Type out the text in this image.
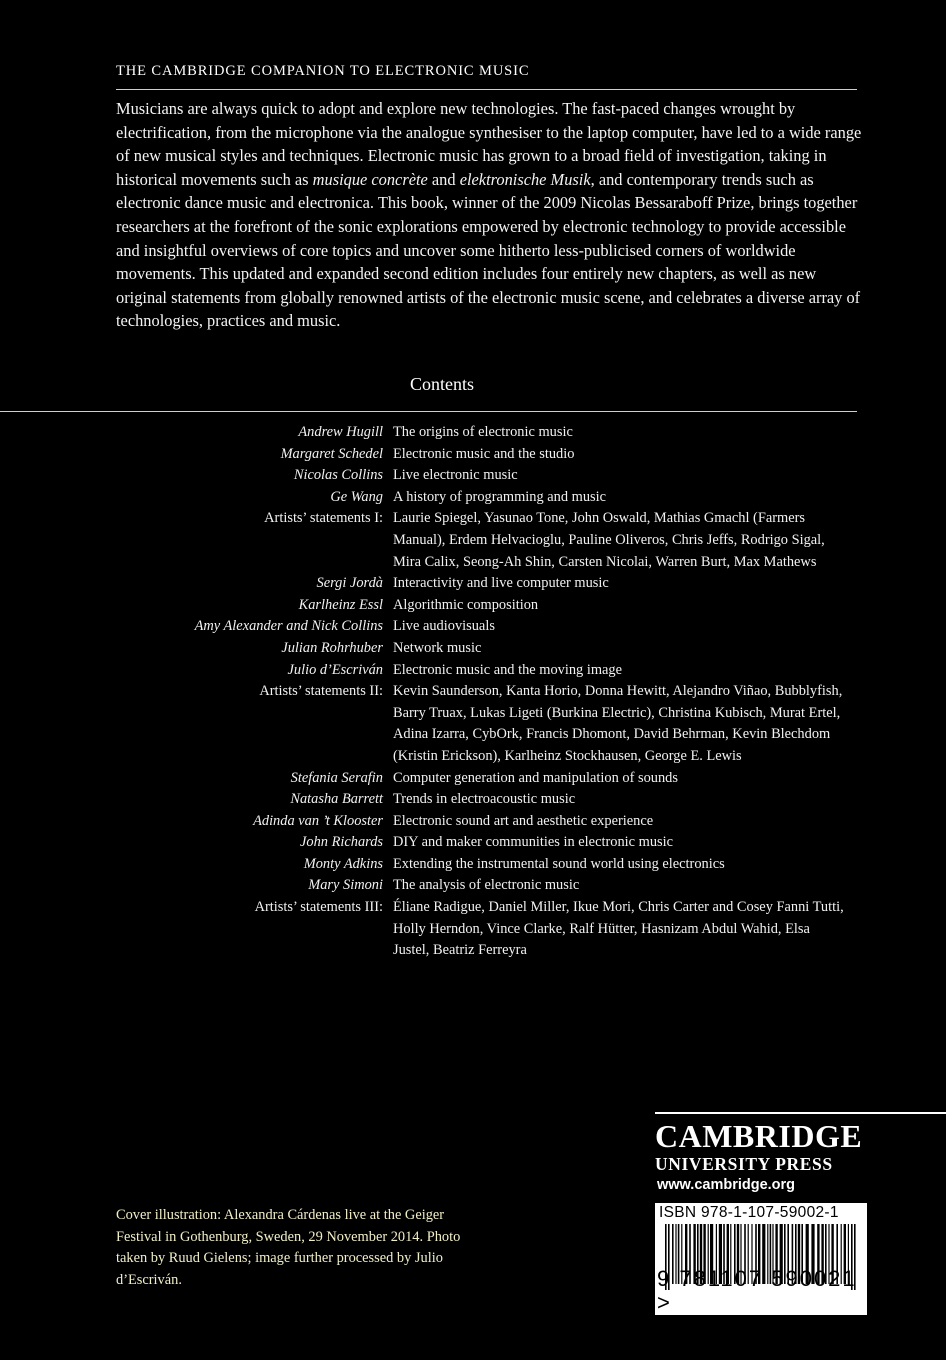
THE CAMBRIDGE COMPANION TO ELECTRONIC MUSIC

Musicians are always quick to adopt and explore new technologies. The fast-paced changes wrought by electrification, from the microphone via the analogue synthesiser to the laptop computer, have led to a wide range of new musical styles and techniques. Electronic music has grown to a broad field of investigation, taking in historical movements such as musique concrète and elektronische Musik, and contemporary trends such as electronic dance music and electronica. This book, winner of the 2009 Nicolas Bessaraboff Prize, brings together researchers at the forefront of the sonic explorations empowered by electronic technology to provide accessible and insightful overviews of core topics and uncover some hitherto less-publicised corners of worldwide movements. This updated and expanded second edition includes four entirely new chapters, as well as new original statements from globally renowned artists of the electronic music scene, and celebrates a diverse array of technologies, practices and music.

Contents
Andrew Hugill The origins of electronic music
Margaret Schedel Electronic music and the studio
Nicolas Collins Live electronic music
Ge Wang A history of programming and music
Artists’ statements I: Laurie Spiegel, Yasunao Tone, John Oswald, Mathias Gmachl (Farmers Manual), Erdem Helvacioglu, Pauline Oliveros, Chris Jeffs, Rodrigo Sigal, Mira Calix, Seong-Ah Shin, Carsten Nicolai, Warren Burt, Max Mathews
Sergi Jordà Interactivity and live computer music
Karlheinz Essl Algorithmic composition
Amy Alexander and Nick Collins Live audiovisuals
Julian Rohrhuber Network music
Julio d’Escriván Electronic music and the moving image
Artists’ statements II: Kevin Saunderson, Kanta Horio, Donna Hewitt, Alejandro Viñao, Bubblyfish, Barry Truax, Lukas Ligeti (Burkina Electric), Christina Kubisch, Murat Ertel, Adina Izarra, CybOrk, Francis Dhomont, David Behrman, Kevin Blechdom (Kristin Erickson), Karlheinz Stockhausen, George E. Lewis
Stefania Serafin Computer generation and manipulation of sounds
Natasha Barrett Trends in electroacoustic music
Adinda van ’t Klooster Electronic sound art and aesthetic experience
John Richards DIY and maker communities in electronic music
Monty Adkins Extending the instrumental sound world using electronics
Mary Simoni The analysis of electronic music
Artists’ statements III: Éliane Radigue, Daniel Miller, Ikue Mori, Chris Carter and Cosey Fanni Tutti, Holly Herndon, Vince Clarke, Ralf Hütter, Hasnizam Abdul Wahid, Elsa Justel, Beatriz Ferreyra

Cover illustration: Alexandra Cárdenas live at the Geiger Festival in Gothenburg, Sweden, 29 November 2014. Photo taken by Ruud Gielens; image further processed by Julio d’Escriván.

CAMBRIDGE
UNIVERSITY PRESS
www.cambridge.org
ISBN 978-1-107-59002-1
9 781107 590021 >
